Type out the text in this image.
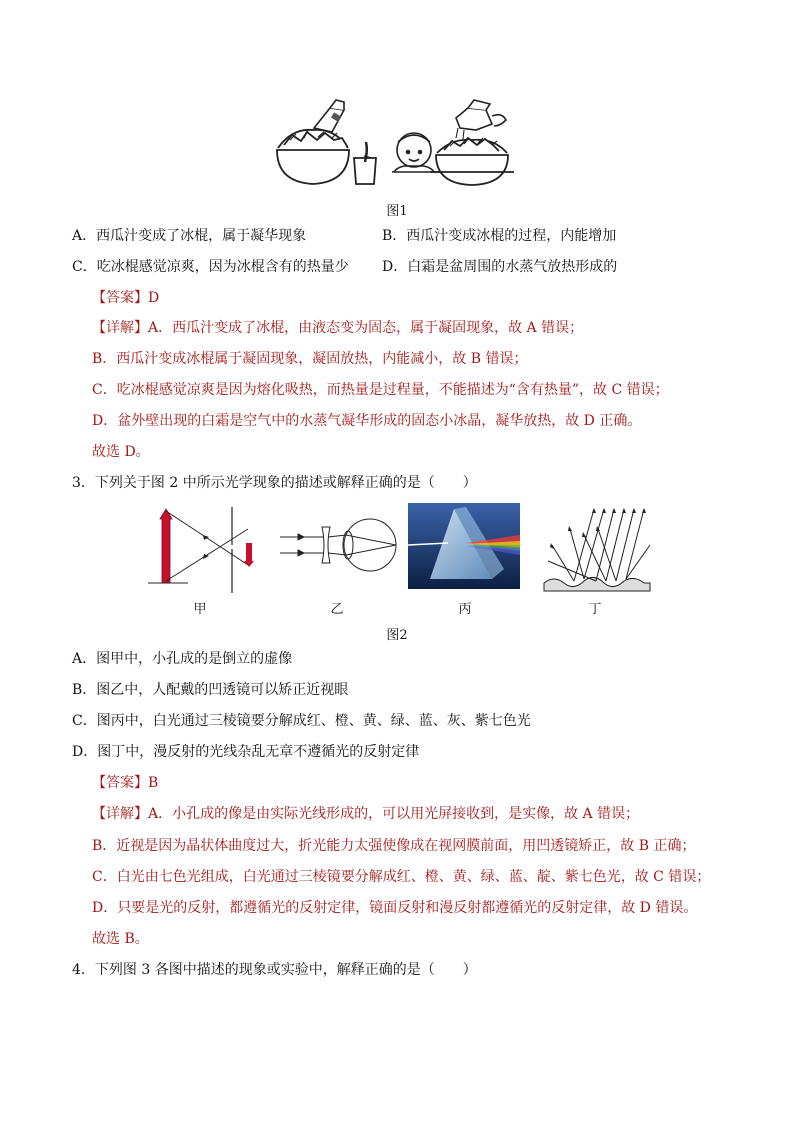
图1
A．西瓜汁变成了冰棍，属于凝华现象	B．西瓜汁变成冰棍的过程，内能增加
C．吃冰棍感觉凉爽，因为冰棍含有的热量少 D．白霜是盆周围的水蒸气放热形成的
【答案】D
【详解】A．西瓜汁变成了冰棍，由液态变为固态，属于凝固现象，故 A 错误；
B．西瓜汁变成冰棍属于凝固现象，凝固放热，内能减小，故 B 错误；
C．吃冰棍感觉凉爽是因为熔化吸热，而热量是过程量，不能描述为“含有热量”，故 C 错误；
D．盆外壁出现的白霜是空气中的水蒸气凝华形成的固态小冰晶，凝华放热，故 D 正确。
故选 D。
3．下列关于图 2 中所示光学现象的描述或解释正确的是（　　）
甲	乙	丙	丁
图2
A．图甲中，小孔成的是倒立的虚像
B．图乙中，人配戴的凹透镜可以矫正近视眼
C．图丙中，白光通过三棱镜要分解成红、橙、黄、绿、蓝、灰、紫七色光
D．图丁中，漫反射的光线杂乱无章不遵循光的反射定律
【答案】B
【详解】A．小孔成的像是由实际光线形成的，可以用光屏接收到，是实像，故 A 错误；
B．近视是因为晶状体曲度过大，折光能力太强使像成在视网膜前面，用凹透镜矫正，故 B 正确；
C．白光由七色光组成，白光通过三棱镜要分解成红、橙、黄、绿、蓝、靛、紫七色光，故 C 错误；
D．只要是光的反射，都遵循光的反射定律，镜面反射和漫反射都遵循光的反射定律，故 D 错误。
故选 B。
4．下列图 3 各图中描述的现象或实验中，解释正确的是（　　）
